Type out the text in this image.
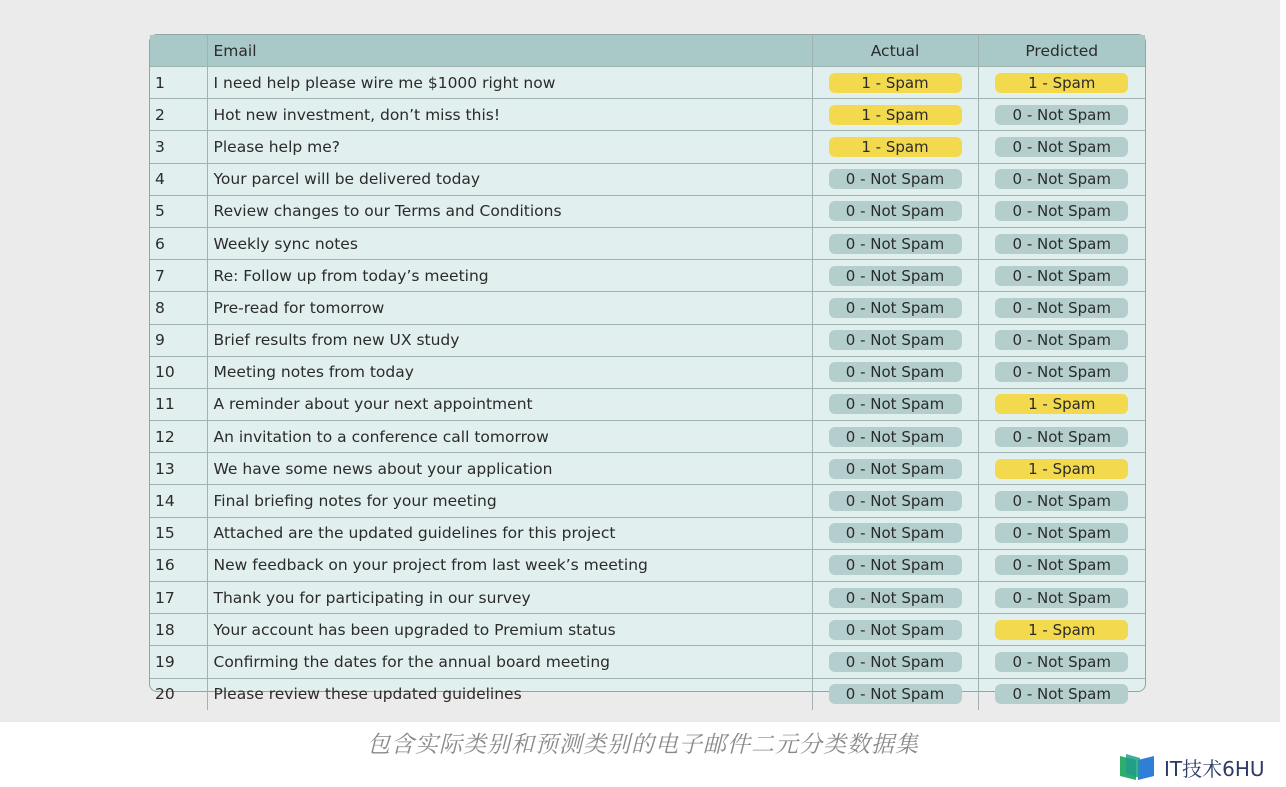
	Email	Actual	Predicted
1	I need help please wire me $1000 right now	1 - Spam	1 - Spam
2	Hot new investment, don’t miss this!	1 - Spam	0 - Not Spam
3	Please help me?	1 - Spam	0 - Not Spam
4	Your parcel will be delivered today	0 - Not Spam	0 - Not Spam
5	Review changes to our Terms and Conditions	0 - Not Spam	0 - Not Spam
6	Weekly sync notes	0 - Not Spam	0 - Not Spam
7	Re: Follow up from today’s meeting	0 - Not Spam	0 - Not Spam
8	Pre-read for tomorrow	0 - Not Spam	0 - Not Spam
9	Brief results from new UX study	0 - Not Spam	0 - Not Spam
10	Meeting notes from today	0 - Not Spam	0 - Not Spam
11	A reminder about your next appointment	0 - Not Spam	1 - Spam
12	An invitation to a conference call tomorrow	0 - Not Spam	0 - Not Spam
13	We have some news about your application	0 - Not Spam	1 - Spam
14	Final briefing notes for your meeting	0 - Not Spam	0 - Not Spam
15	Attached are the updated guidelines for this project	0 - Not Spam	0 - Not Spam
16	New feedback on your project from last week’s meeting	0 - Not Spam	0 - Not Spam
17	Thank you for participating in our survey	0 - Not Spam	0 - Not Spam
18	Your account has been upgraded to Premium status	0 - Not Spam	1 - Spam
19	Confirming the dates for the annual board meeting	0 - Not Spam	0 - Not Spam
20	Please review these updated guidelines	0 - Not Spam	0 - Not Spam
包含实际类别和预测类别的电子邮件二元分类数据集
IT技术6HU
